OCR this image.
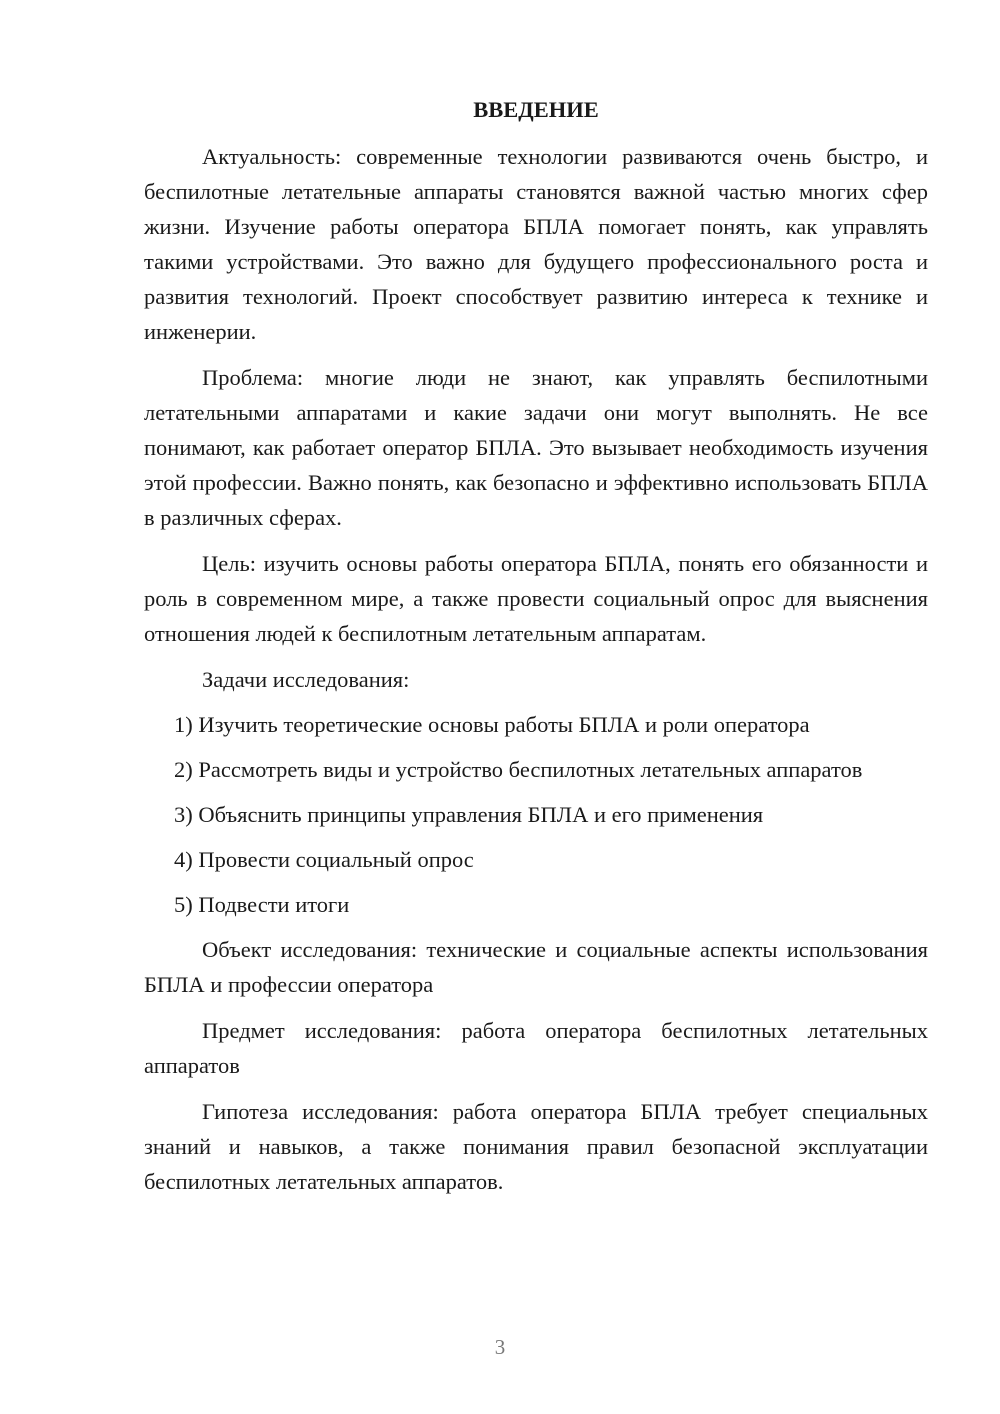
ВВЕДЕНИЕ

Актуальность: современные технологии развиваются очень быстро, и беспилотные летательные аппараты становятся важной частью многих сфер жизни. Изучение работы оператора БПЛА помогает понять, как управлять такими устройствами. Это важно для будущего профессионального роста и развития технологий. Проект способствует развитию интереса к технике и инженерии.

Проблема: многие люди не знают, как управлять беспилотными летательными аппаратами и какие задачи они могут выполнять. Не все понимают, как работает оператор БПЛА. Это вызывает необходимость изучения этой профессии. Важно понять, как безопасно и эффективно использовать БПЛА в различных сферах.

Цель: изучить основы работы оператора БПЛА, понять его обязанности и роль в современном мире, а также провести социальный опрос для выяснения отношения людей к беспилотным летательным аппаратам.

Задачи исследования:

1) Изучить теоретические основы работы БПЛА и роли оператора

2) Рассмотреть виды и устройство беспилотных летательных аппаратов

3) Объяснить принципы управления БПЛА и его применения

4) Провести социальный опрос

5) Подвести итоги

Объект исследования: технические и социальные аспекты использования БПЛА и профессии оператора

Предмет исследования: работа оператора беспилотных летательных аппаратов

Гипотеза исследования: работа оператора БПЛА требует специальных знаний и навыков, а также понимания правил безопасной эксплуатации беспилотных летательных аппаратов.

3
